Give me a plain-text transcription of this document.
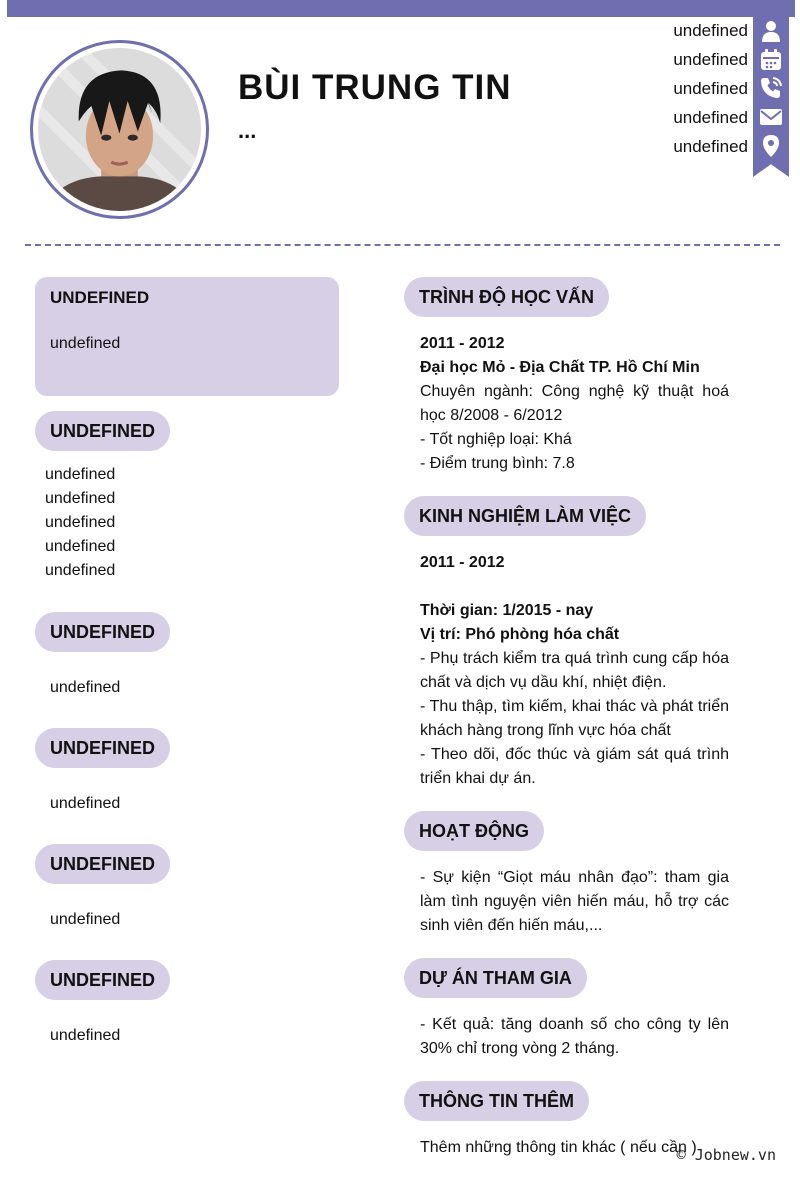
BÙI TRUNG TIN
...
undefined
undefined
undefined
undefined
undefined
UNDEFINED
undefined
UNDEFINED
undefined
undefined
undefined
undefined
undefined
UNDEFINED
undefined
UNDEFINED
undefined
UNDEFINED
undefined
UNDEFINED
undefined
TRÌNH ĐỘ HỌC VẤN
2011 - 2012
Đại học Mỏ - Địa Chất TP. Hồ Chí Min
Chuyên ngành: Công nghệ kỹ thuật hoá học 8/2008 - 6/2012
- Tốt nghiệp loại: Khá
- Điểm trung bình: 7.8
KINH NGHIỆM LÀM VIỆC
2011 - 2012
Thời gian: 1/2015 - nay
Vị trí: Phó phòng hóa chất
- Phụ trách kiểm tra quá trình cung cấp hóa chất và dịch vụ dầu khí, nhiệt điện.
- Thu thập, tìm kiếm, khai thác và phát triển khách hàng trong lĩnh vực hóa chất
- Theo dõi, đốc thúc và giám sát quá trình triển khai dự án.
HOẠT ĐỘNG
- Sự kiện “Giọt máu nhân đạo”: tham gia làm tình nguyện viên hiến máu, hỗ trợ các sinh viên đến hiến máu,...
DỰ ÁN THAM GIA
- Kết quả: tăng doanh số cho công ty lên 30% chỉ trong vòng 2 tháng.
THÔNG TIN THÊM
Thêm những thông tin khác ( nếu cần )
© Jobnew.vn
